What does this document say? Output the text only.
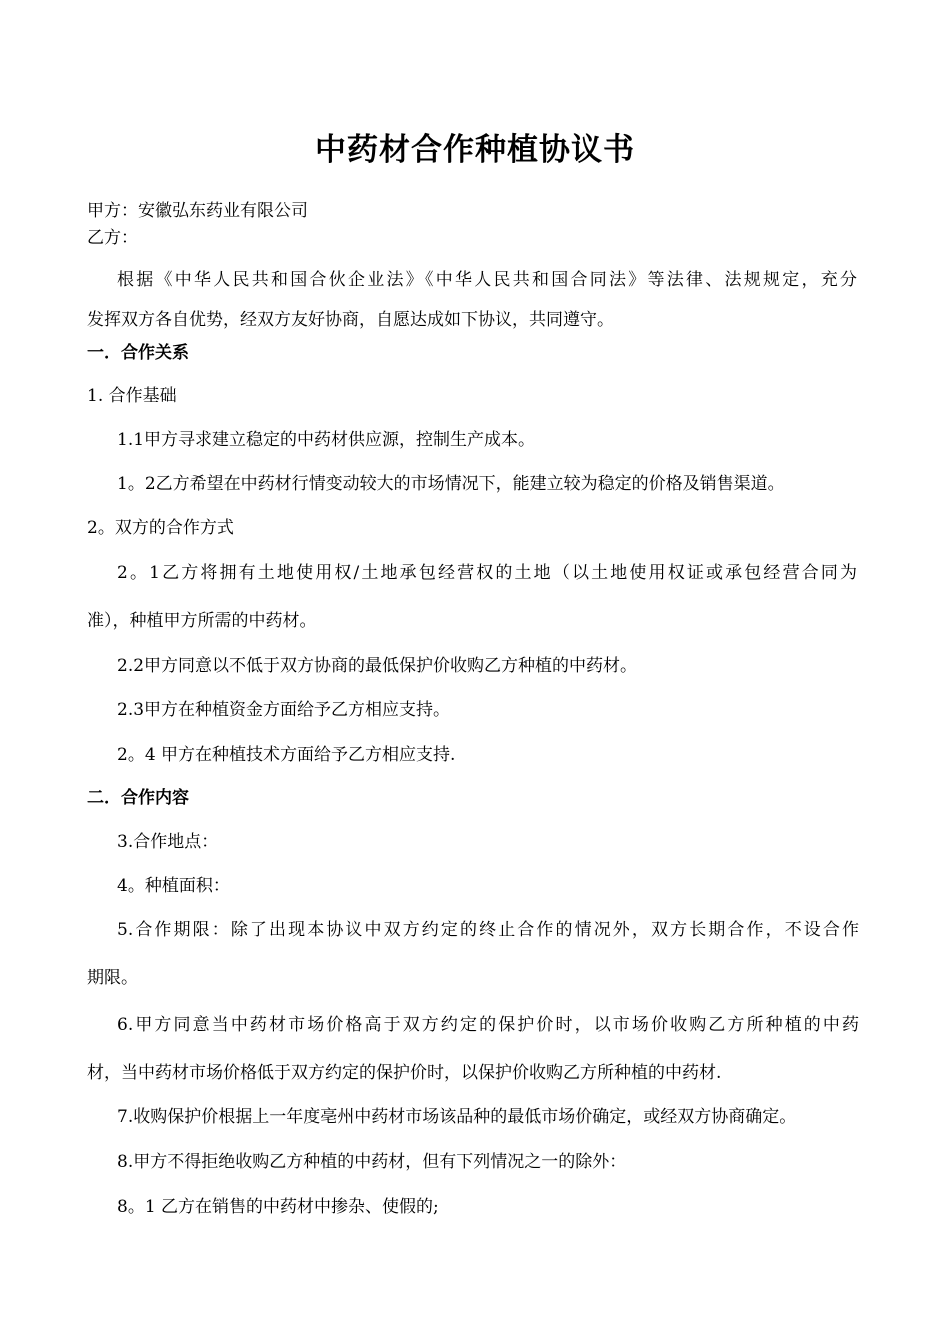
中药材合作种植协议书
甲方：安徽弘东药业有限公司
乙方：
根据《中华人民共和国合伙企业法》《中华人民共和国合同法》等法律、法规规定，充分
发挥双方各自优势，经双方友好协商，自愿达成如下协议，共同遵守。
一．合作关系
1. 合作基础
1.1甲方寻求建立稳定的中药材供应源，控制生产成本。
1。2乙方希望在中药材行情变动较大的市场情况下，能建立较为稳定的价格及销售渠道。
2。双方的合作方式
2。1乙方将拥有土地使用权/土地承包经营权的土地（以土地使用权证或承包经营合同为
准），种植甲方所需的中药材。
2.2甲方同意以不低于双方协商的最低保护价收购乙方种植的中药材。
2.3甲方在种植资金方面给予乙方相应支持。
2。4 甲方在种植技术方面给予乙方相应支持.
二．合作内容
3.合作地点：
4。种植面积：
5.合作期限：除了出现本协议中双方约定的终止合作的情况外，双方长期合作，不设合作
期限。
6.甲方同意当中药材市场价格高于双方约定的保护价时，以市场价收购乙方所种植的中药
材，当中药材市场价格低于双方约定的保护价时，以保护价收购乙方所种植的中药材.
7.收购保护价根据上一年度亳州中药材市场该品种的最低市场价确定，或经双方协商确定。
8.甲方不得拒绝收购乙方种植的中药材，但有下列情况之一的除外：
8。1 乙方在销售的中药材中掺杂、使假的;
